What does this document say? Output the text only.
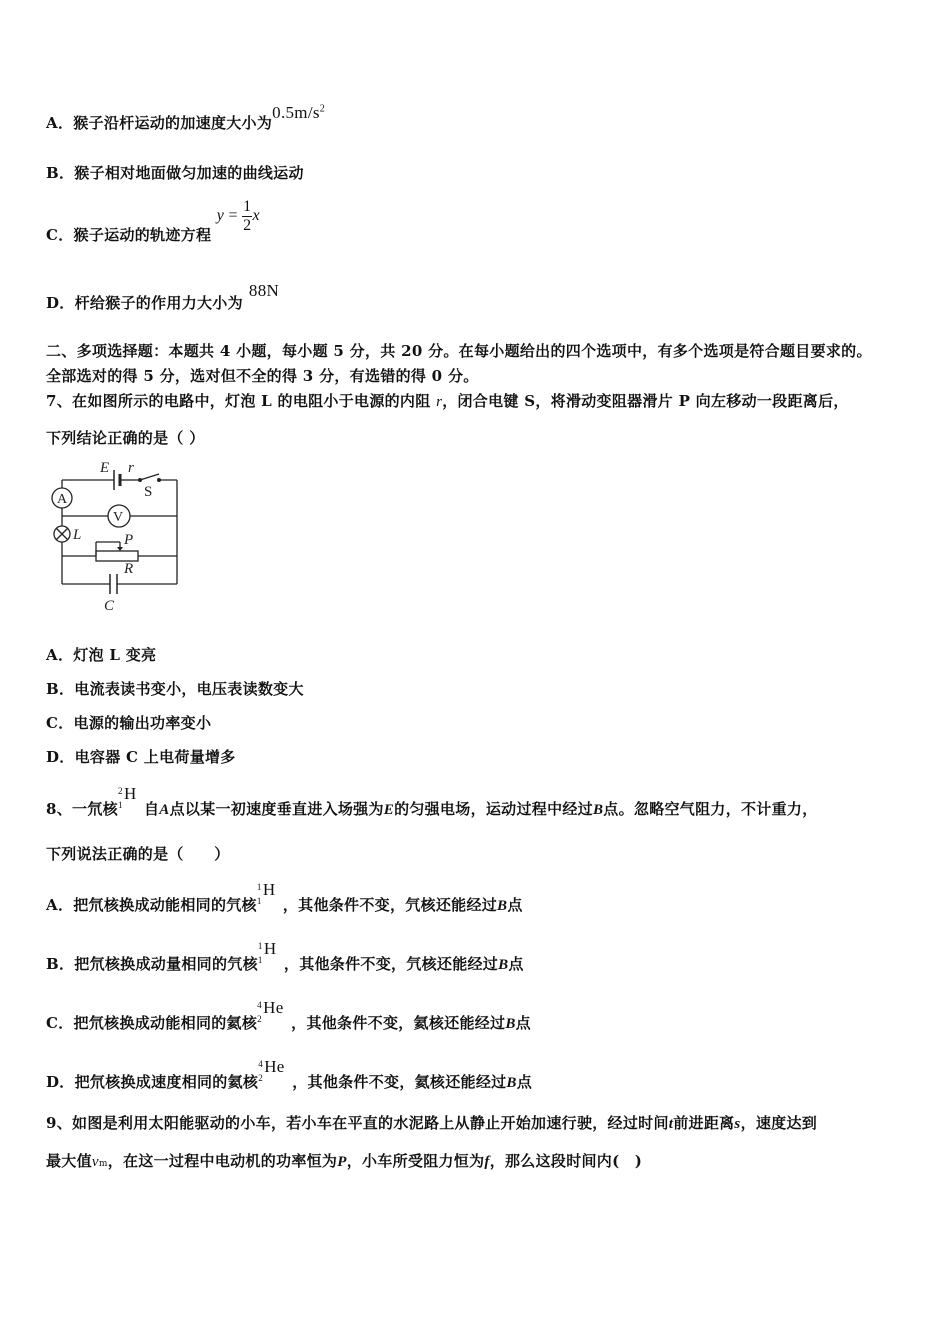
A．猴子沿杆运动的加速度大小为$0.5m/s^2$
B．猴子相对地面做匀加速的曲线运动
C．猴子运动的轨迹方程 $y = \frac{1}{2}$ x
D．杆给猴子的作用力大小为88N
二、多项选择题：本题共 4 小题，每小题 5 分，共 20 分。在每小题给出的四个选项中，有多个选项是符合题目要求的。
全部选对的得 5 分，选对但不全的得 3 分，有选错的得 0 分。
7、在如图所示的电路中，灯泡 L 的电阻小于电源的内阻 r，闭合电键 S，将滑动变阻器滑片 P 向左移动一段距离后，
下列结论正确的是（ ）
E r
S
A
V
L	P
R
C
A．灯泡 L 变亮
B．电流表读书变小，电压表读数变大
C．电源的输出功率变小
D．电容器 C 上电荷量增多
8、一氘核
2
1
H
自A点以某一初速度垂直进入场强为E的匀强电场，运动过程中经过B点。忽略空气阻力，不计重力，
下列说法正确的是（　　）
A．把氘核换成动能相同的氕核
1
1
H
，其他条件不变，氕核还能经过B点
B．把氘核换成动量相同的氕核
1
1
H
，其他条件不变，氕核还能经过B点
C．把氘核换成动能相同的氦核
4
2
He
，其他条件不变，氦核还能经过B点
D．把氘核换成速度相同的氦核
4
2
He
，其他条件不变，氦核还能经过B点
9、如图是利用太阳能驱动的小车，若小车在平直的水泥路上从静止开始加速行驶，经过时间t前进距离s，速度达到
最大值vm，在这一过程中电动机的功率恒为P，小车所受阻力恒为f，那么这段时间内(　)
